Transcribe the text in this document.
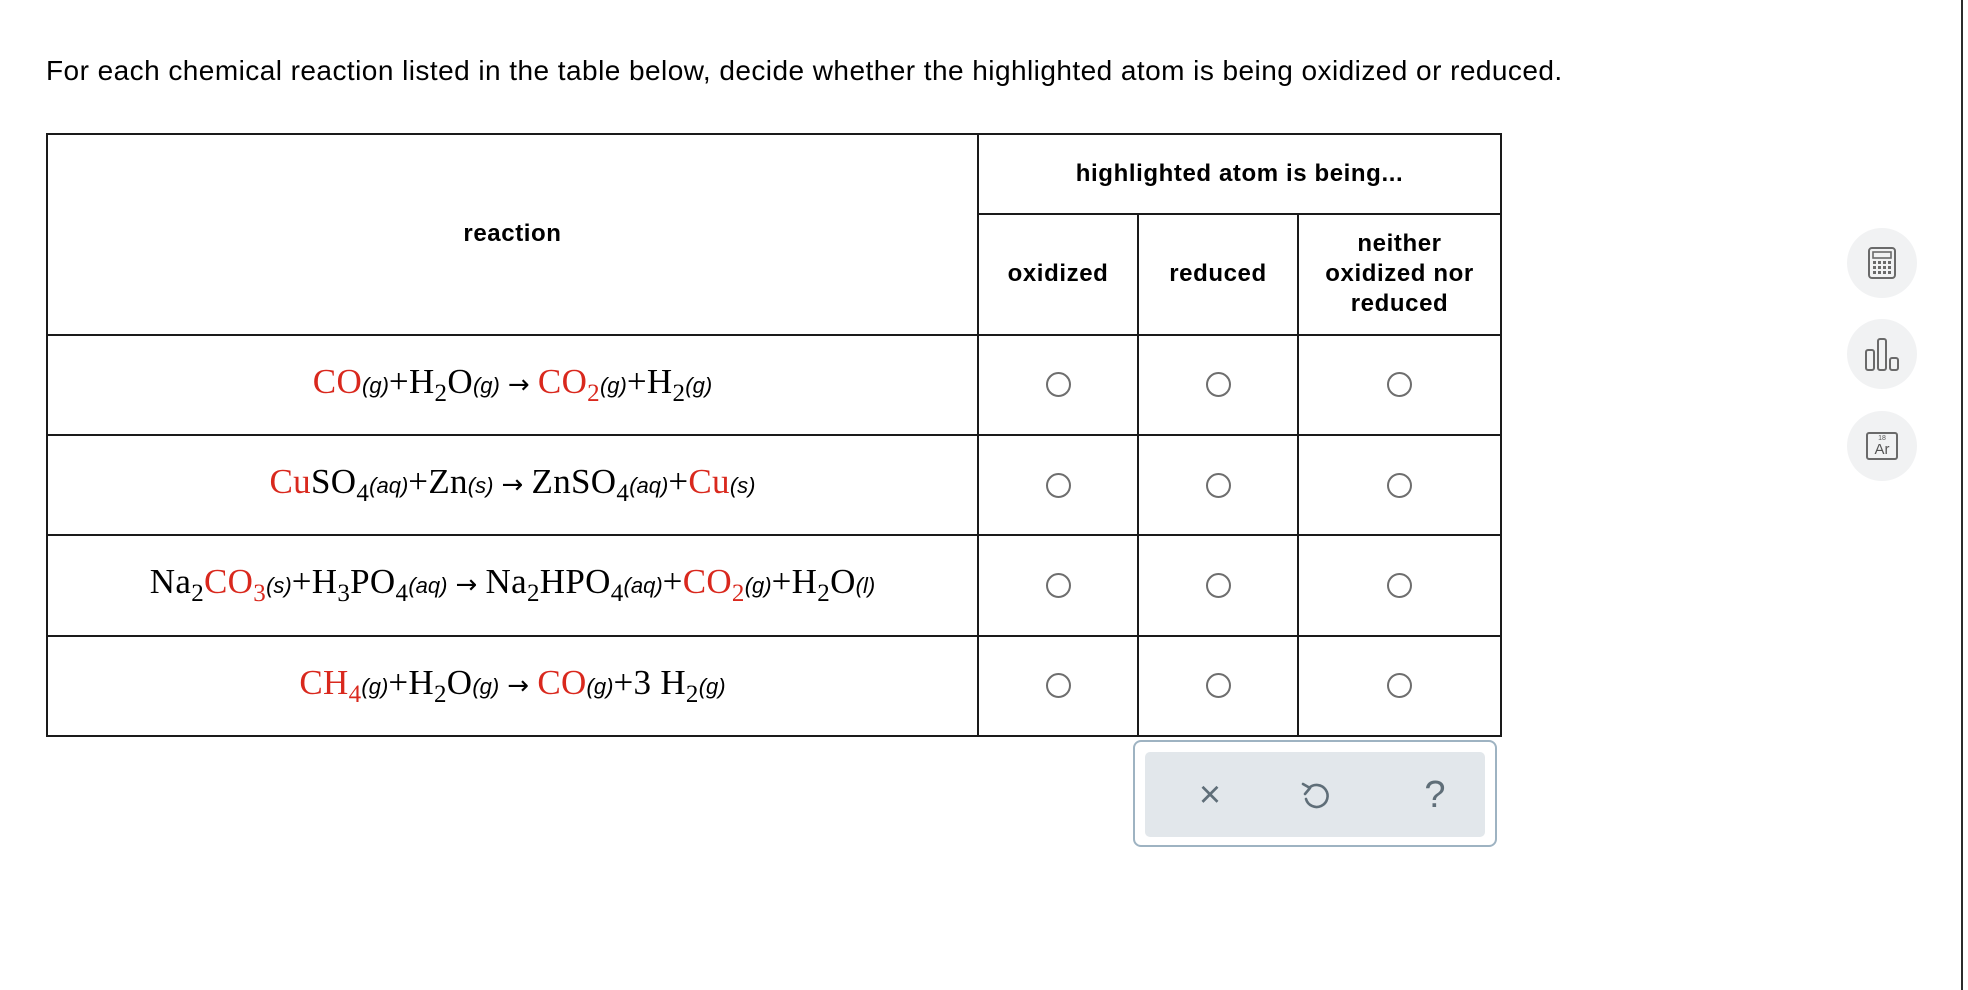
For each chemical reaction listed in the table below, decide whether the highlighted atom is being oxidized or reduced.
reaction	highlighted atom is being...		
	oxidized	reduced	neither
oxidized nor
reduced

$CO(g)+H_2O(g) \to CO_2(g)+H_2(g)$			
CuSO$_4$(aq)+Zn(s) → ZnSO$_4$(aq)+Cu(s)			
$Na_2CO_3(s)+H_3PO_4(aq) \to Na_2HPO_4(aq)+CO_2(g)+H_2O(l)$			
$CH_4(g)+H_2O(g) \to CO(g)+3$ $H_2(g)$			
×	?
18
Ar
